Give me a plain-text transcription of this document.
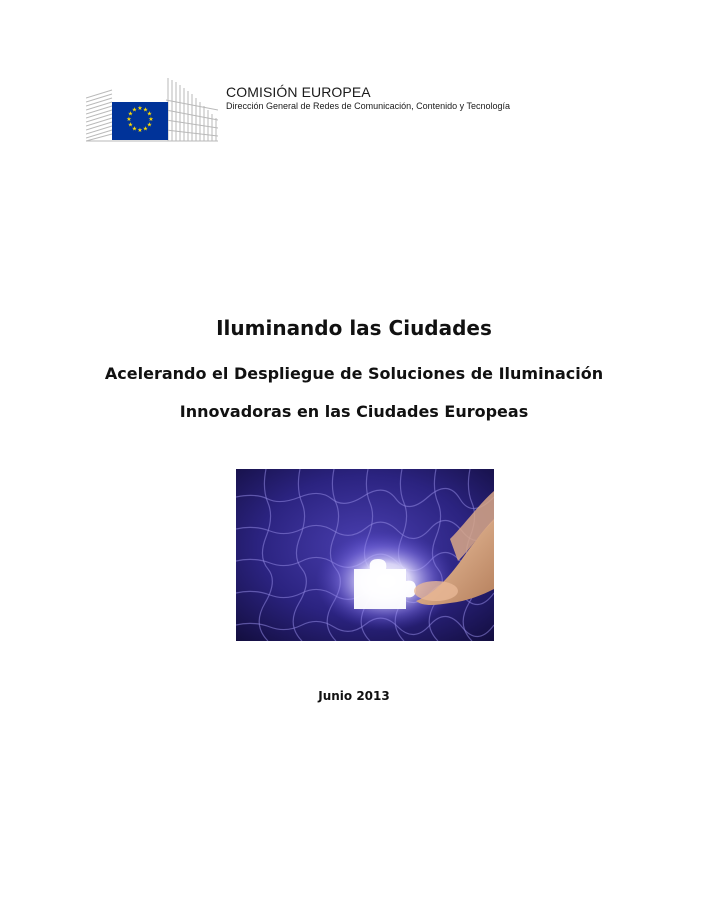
★ ★
★
★
★
★
★
★
★
★
★
★
COMISIÓN EUROPEA
Dirección General de Redes de Comunicación, Contenido y Tecnología
Iluminando las Ciudades
Acelerando el Despliegue de Soluciones de Iluminación
Innovadoras en las Ciudades Europeas
Junio 2013
